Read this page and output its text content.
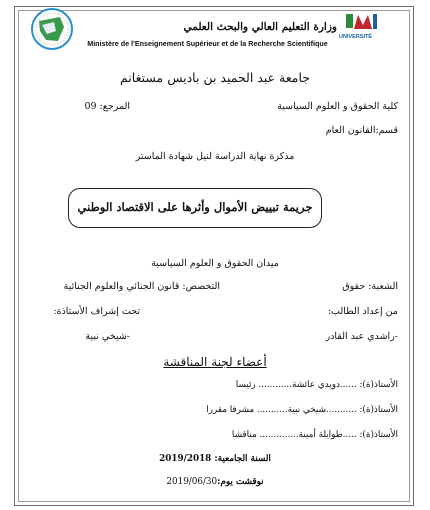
UNIVERSITÉ
وزارة التعليم العالي والبحث العلمي
Ministère de l'Enseignement Supérieur et de la Recherche Scientifique
جامعة عبد الحميد بن باديس مستغانم
كلية الحقوق و العلوم السياسية
المرجع: 09
قسم:القانون العام
مذكرة نهاية الدراسة لنيل شهادة الماستر
جريمة تبييض الأموال وأثرها على الاقتصاد الوطني
ميدان الحقوق و العلوم السياسية
الشعبة: حقوق
التخصص: قانون الجنائي والعلوم الجنائية
من إعداد الطالب:
تحت إشراف الأستاذة:
-راشدي عبد القادر
-شيخي نبية
أعضاء لجنة المناقشة
الأستاذ(ة): ......دويدي عائشة............ رئيسا
الأستاذ(ة): ...........شيخي نبية........... مشرفا مقررا
الأستاذ(ة): .....طوايلة أمينة.............. مناقشا
السنة الجامعية: 2019/2018
نوقشت يوم:2019/06/30
